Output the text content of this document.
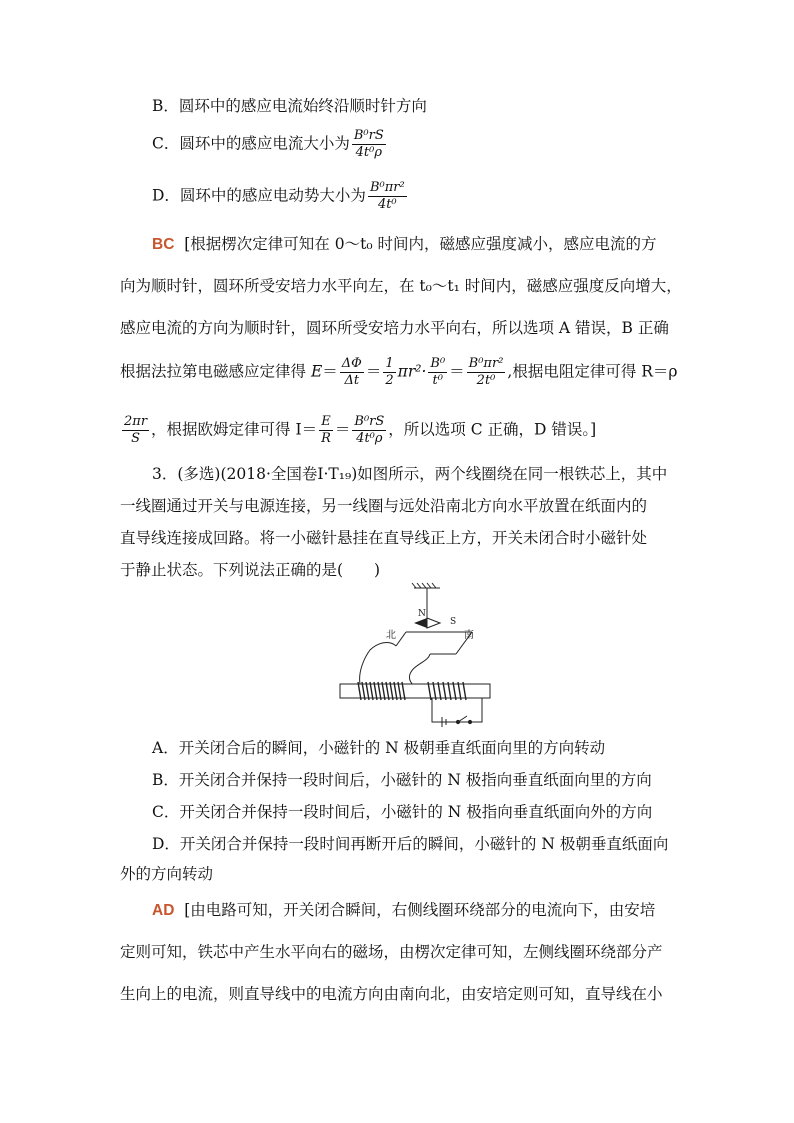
B．圆环中的感应电流始终沿顺时针方向
C．圆环中的感应电流大小为 $\frac{\text{B⁰rS}}{\text{4t⁰ρ}}$
D．圆环中的感应电动势大小为 $\frac{\text{B⁰πr²}}{\text{4t⁰}}$
BC [根据楞次定律可知在 0～t₀ 时间内，磁感应强度减小，感应电流的方
向为顺时针，圆环所受安培力水平向左，在 t₀～t₁ 时间内，磁感应强度反向增大，
感应电流的方向为顺时针，圆环所受安培力水平向右，所以选项 A 错误，B 正确
根据法拉第电磁感应定律得 $E= \frac{\Delta\Phi}{\Delta t} = \frac{1}{2} \pi r^2\cdot \frac{\text{B⁰}}{\text{t⁰}} = \frac{\text{B⁰πr²}}{\text{2t⁰}}$ ,根据电阻定律可得 R＝ρ
$\frac{2\pi r}{S}$ ，根据欧姆定律可得 $I= \frac{E}{R} = \frac{\text{B⁰rS}}{\text{4t⁰ρ}}$ ，所以选项 C 正确，D 错误。]
3．(多选)(2018·全国卷Ⅰ·T₁₉)如图所示，两个线圈绕在同一根铁芯上，其中
一线圈通过开关与电源连接，另一线圈与远处沿南北方向水平放置在纸面内的
直导线连接成回路。将一小磁针悬挂在直导线正上方，开关未闭合时小磁针处
于静止状态。下列说法正确的是(　　)
N
S
北	南
A．开关闭合后的瞬间，小磁针的 N 极朝垂直纸面向里的方向转动
B．开关闭合并保持一段时间后，小磁针的 N 极指向垂直纸面向里的方向
C．开关闭合并保持一段时间后，小磁针的 N 极指向垂直纸面向外的方向
D．开关闭合并保持一段时间再断开后的瞬间，小磁针的 N 极朝垂直纸面向
外的方向转动
AD [由电路可知，开关闭合瞬间，右侧线圈环绕部分的电流向下，由安培
定则可知，铁芯中产生水平向右的磁场，由楞次定律可知，左侧线圈环绕部分产
生向上的电流，则直导线中的电流方向由南向北，由安培定则可知，直导线在小
